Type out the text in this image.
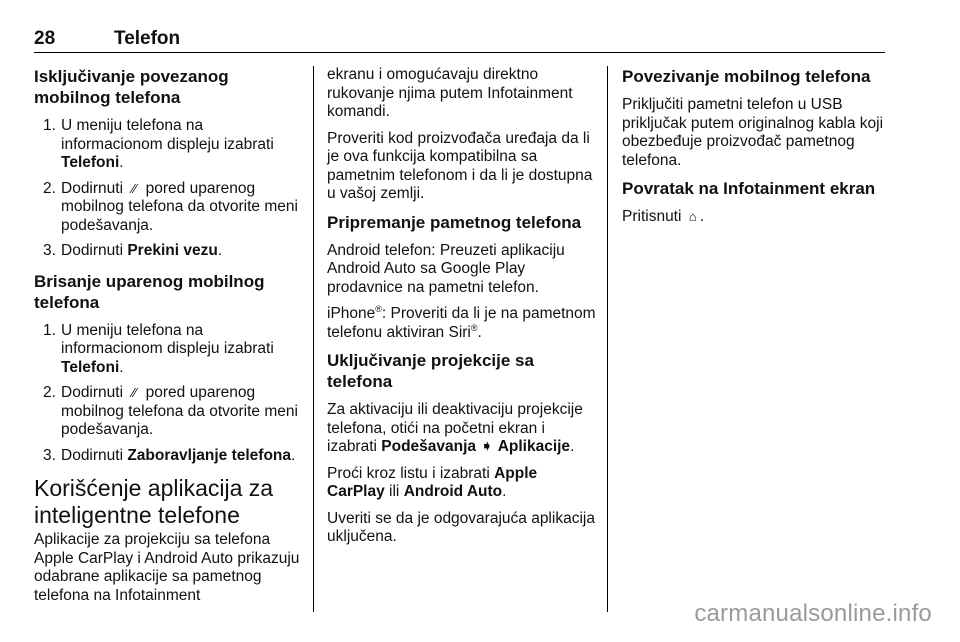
28	Telefon
Isključivanje povezanog mobilnog telefona
1. U meniju telefona na informacionom displeju izabrati Telefoni.
2. Dodirnuti ⁄⁄ pored uparenog mobilnog telefona da otvorite meni podešavanja.
3. Dodirnuti Prekini vezu.
Brisanje uparenog mobilnog telefona
1. U meniju telefona na informacionom displeju izabrati Telefoni.
2. Dodirnuti ⁄⁄ pored uparenog mobilnog telefona da otvorite meni podešavanja.
3. Dodirnuti Zaboravljanje telefona.
Korišćenje aplikacija za inteligentne telefone

Aplikacije za projekciju sa telefona Apple CarPlay i Android Auto prikazuju odabrane aplikacije sa pametnog telefona na Infotainment

ekranu i omogućavaju direktno rukovanje njima putem Infotainment komandi.

Proveriti kod proizvođača uređaja da li je ova funkcija kompatibilna sa pametnim telefonom i da li je dostupna u vašoj zemlji.

Pripremanje pametnog telefona

Android telefon: Preuzeti aplikaciju Android Auto sa Google Play prodavnice na pametni telefon.

iPhone®: Proveriti da li je na pametnom telefonu aktiviran Siri®.

Uključivanje projekcije sa telefona

Za aktivaciju ili deaktivaciju projekcije telefona, otići na početni ekran i izabrati Podešavanja ➧ Aplikacije.

Proći kroz listu i izabrati Apple CarPlay ili Android Auto.

Uveriti se da je odgovarajuća aplikacija uključena.

Povezivanje mobilnog telefona

Priključiti pametni telefon u USB priključak putem originalnog kabla koji obezbeđuje proizvođač pametnog telefona.

Povratak na Infotainment ekran

Pritisnuti ⌂ .

carmanualsonline.info
